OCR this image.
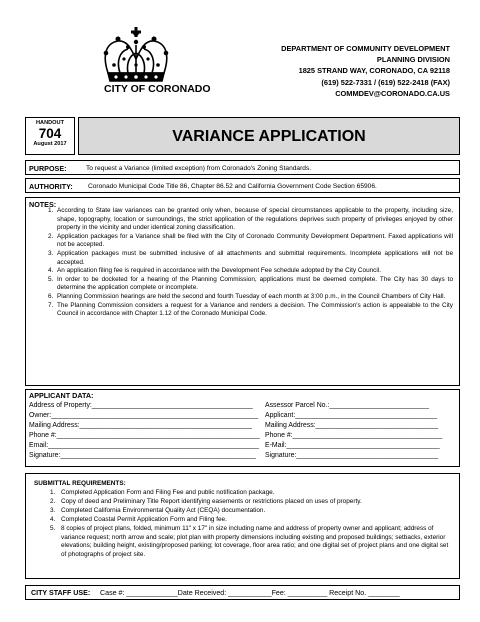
CITY OF CORONADO
DEPARTMENT OF COMMUNITY DEVELOPMENT
PLANNING DIVISION
1825 STRAND WAY, CORONADO, CA 92118
(619) 522-7331 / (619) 522-2418 (FAX)
COMMDEV@CORONADO.CA.US
HANDOUT
704
August 2017	VARIANCE APPLICATION
PURPOSE:	To request a Variance (limited exception) from Coronado's Zoning Standards.
AUTHORITY: Coronado Municipal Code Title 86, Chapter 86.52 and California Government Code Section 65906.
NOTES:
1. According to State law variances can be granted only when, because of special circumstances applicable to the property, including size, shape, topography, location or surroundings, the strict application of the regulations deprives such property of privileges enjoyed by other property in the vicinity and under identical zoning classification.
2. Application packages for a Variance shall be filed with the City of Coronado Community Development Department. Faxed applications will not be accepted.
3. Application packages must be submitted inclusive of all attachments and submittal requirements. Incomplete applications will not be accepted.
4. An application filing fee is required in accordance with the Development Fee schedule adopted by the City Council.
5. In order to be docketed for a hearing of the Planning Commission, applications must be deemed complete. The City has 30 days to determine the application complete or incomplete.
6. Planning Commission hearings are held the second and fourth Tuesday of each month at 3:00 p.m., in the Council Chambers of City Hall.
7. The Planning Commission considers a request for a Variance and renders a decision. The Commission's action is appealable to the City Council in accordance with Chapter 1.12 of the Coronado Municipal Code.
APPLICANT DATA:
Address of Property:__________________________________________ Assessor Parcel No.:__________________________
Owner:______________________________________________________ Applicant:_____________________________________
Mailing Address:_____________________________________________ Mailing Address:________________________________
Phone #:_____________________________________________________ Phone #:_______________________________________
Email:_______________________________________________________ E-Mail:________________________________________
Signature:___________________________________________________ Signature:_____________________________________
SUBMITTAL REQUIREMENTS:
1. Completed Application Form and Filing Fee and public notification package.
2. Copy of deed and Preliminary Title Report identifying easements or restrictions placed on uses of property.
3. Completed California Environmental Quality Act (CEQA) documentation.
4. Completed Coastal Permit Application Form and Filing fee.
5. 8 copies of project plans, folded, minimum 11" x 17" in size including name and address of property owner and applicant; address of variance request; north arrow and scale; plot plan with property dimensions including existing and proposed buildings; setbacks, exterior elevations; building height, existing/proposed parking; lot coverage, floor area ratio; and one digital set of project plans and one digital set of photographs of project site.
CITY STAFF USE: Case #: _____________Date Received: ___________Fee: __________ Receipt No. ________
